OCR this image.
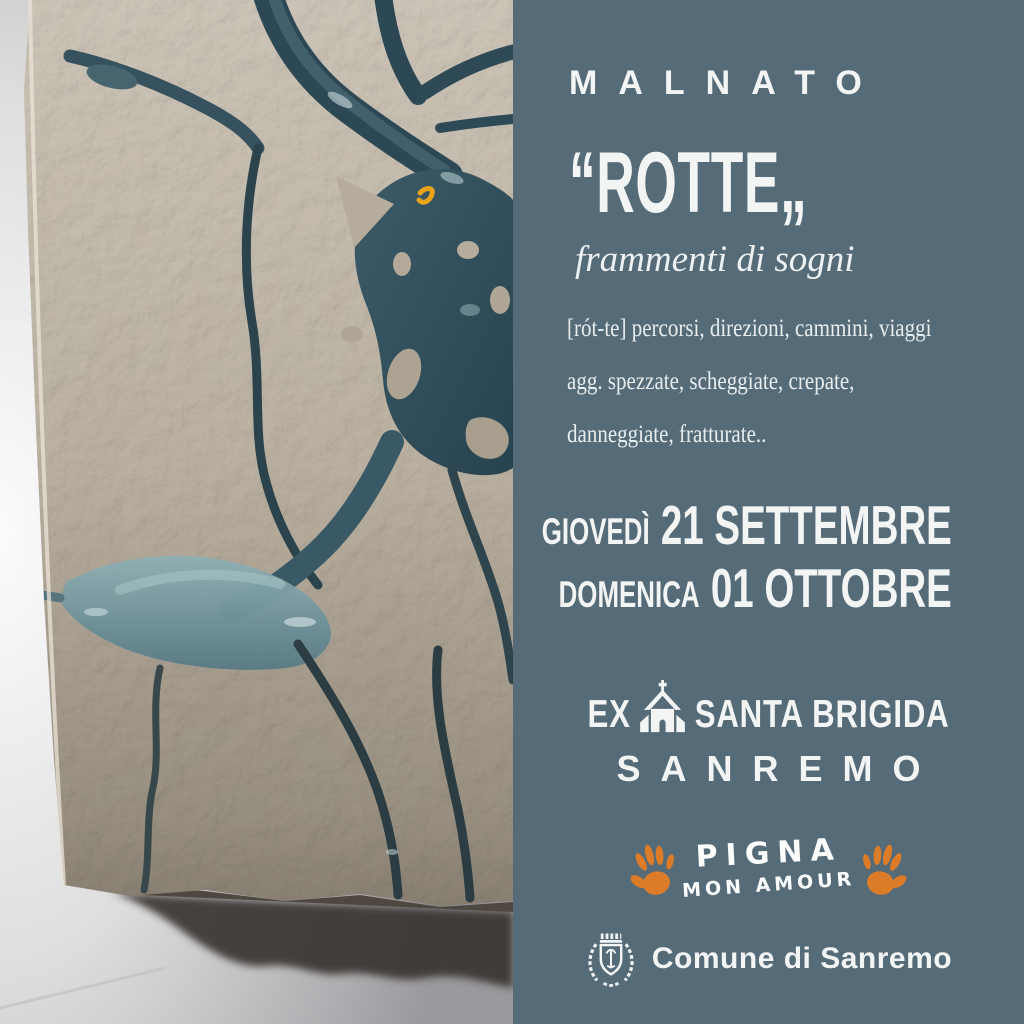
MALNATO
“ROTTE„
frammenti di sogni
[rót-te] percorsi, direzioni, cammini, viaggi
agg. spezzate, scheggiate, crepate,
danneggiate, fratturate..
GIOVEDÌ 21 SETTEMBRE
DOMENICA 01 OTTOBRE
EX SANTA BRIGIDA
SANREMO
PIGNA
MON AMOUR
Comune di Sanremo
